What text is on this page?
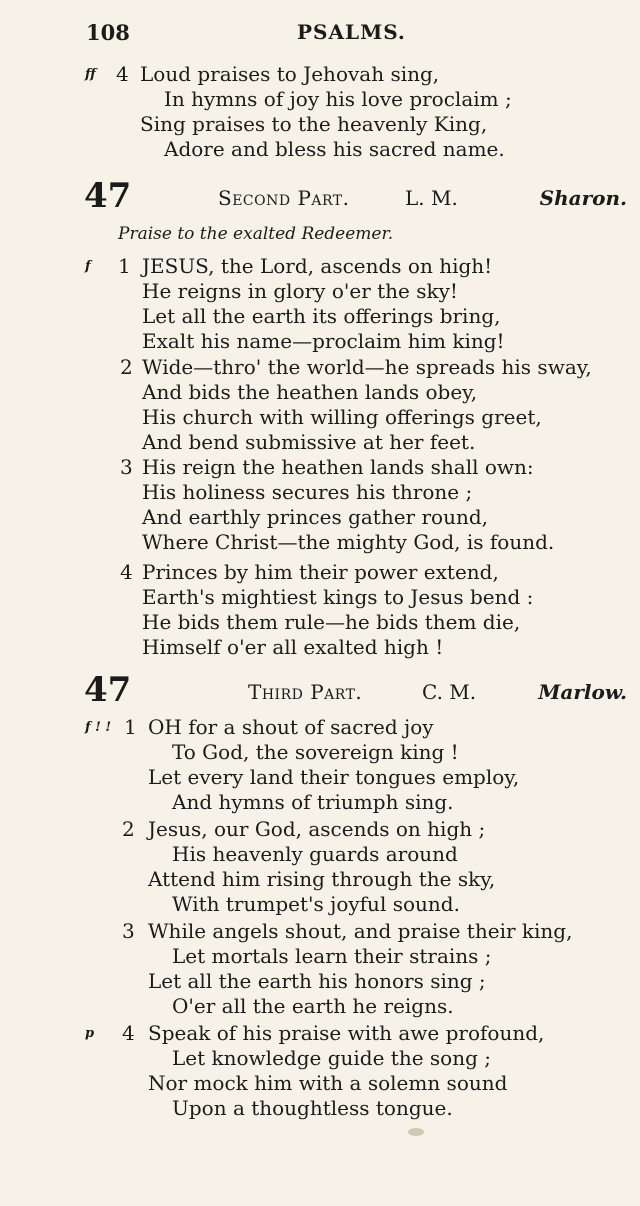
108	PSALMS.
ff 4 Loud praises to Jehovah sing,
In hymns of joy his love proclaim ;
Sing praises to the heavenly King,
Adore and bless his sacred name.
47	Second Part.	L. M.	Sharon.
Praise to the exalted Redeemer.
f 1 JESUS, the Lord, ascends on high!
He reigns in glory o'er the sky!
Let all the earth its offerings bring,
Exalt his name—proclaim him king!
2 Wide—thro' the world—he spreads his sway,
And bids the heathen lands obey,
His church with willing offerings greet,
And bend submissive at her feet.
3 His reign the heathen lands shall own:
His holiness secures his throne ;
And earthly princes gather round,
Where Christ—the mighty God, is found.
4 Princes by him their power extend,
Earth's mightiest kings to Jesus bend :
He bids them rule—he bids them die,
Himself o'er all exalted high !
47	Third Part.	C. M.	Marlow.
f ! ! 1 OH for a shout of sacred joy
To God, the sovereign king !
Let every land their tongues employ,
And hymns of triumph sing.
2 Jesus, our God, ascends on high ;
His heavenly guards around
Attend him rising through the sky,
With trumpet's joyful sound.
3 While angels shout, and praise their king,
Let mortals learn their strains ;
Let all the earth his honors sing ;
O'er all the earth he reigns.
p 4 Speak of his praise with awe profound,
Let knowledge guide the song ;
Nor mock him with a solemn sound
Upon a thoughtless tongue.
